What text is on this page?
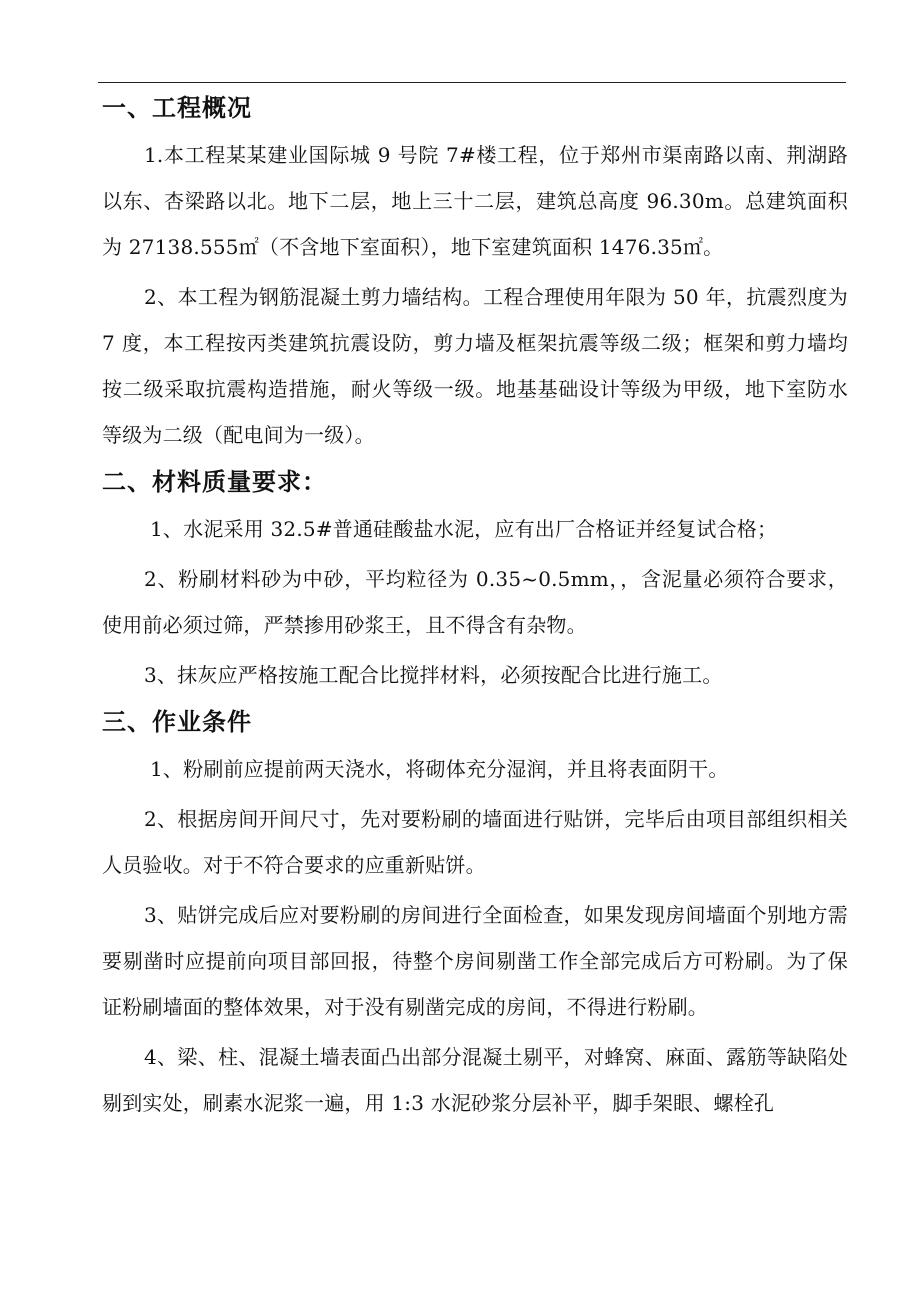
一、工程概况

1.本工程某某建业国际城 9 号院 7#楼工程，位于郑州市渠南路以南、荆湖路以东、杏梁路以北。地下二层，地上三十二层，建筑总高度 96.30m。总建筑面积为 27138.555㎡（不含地下室面积），地下室建筑面积 1476.35㎡。

2、本工程为钢筋混凝土剪力墙结构。工程合理使用年限为 50 年，抗震烈度为 7 度，本工程按丙类建筑抗震设防，剪力墙及框架抗震等级二级；框架和剪力墙均按二级采取抗震构造措施，耐火等级一级。地基基础设计等级为甲级，地下室防水等级为二级（配电间为一级）。

二、材料质量要求：

1、水泥采用 32.5#普通硅酸盐水泥，应有出厂合格证并经复试合格；

2、粉刷材料砂为中砂，平均粒径为 0.35~0.5mm，，含泥量必须符合要求，使用前必须过筛，严禁掺用砂浆王，且不得含有杂物。

3、抹灰应严格按施工配合比搅拌材料，必须按配合比进行施工。

三、作业条件

1、粉刷前应提前两天浇水，将砌体充分湿润，并且将表面阴干。

2、根据房间开间尺寸，先对要粉刷的墙面进行贴饼，完毕后由项目部组织相关人员验收。对于不符合要求的应重新贴饼。

3、贴饼完成后应对要粉刷的房间进行全面检查，如果发现房间墙面个别地方需要剔凿时应提前向项目部回报，待整个房间剔凿工作全部完成后方可粉刷。为了保证粉刷墙面的整体效果，对于没有剔凿完成的房间，不得进行粉刷。

4、梁、柱、混凝土墙表面凸出部分混凝土剔平，对蜂窝、麻面、露筋等缺陷处剔到实处，刷素水泥浆一遍，用 1:3 水泥砂浆分层补平，脚手架眼、螺栓孔
